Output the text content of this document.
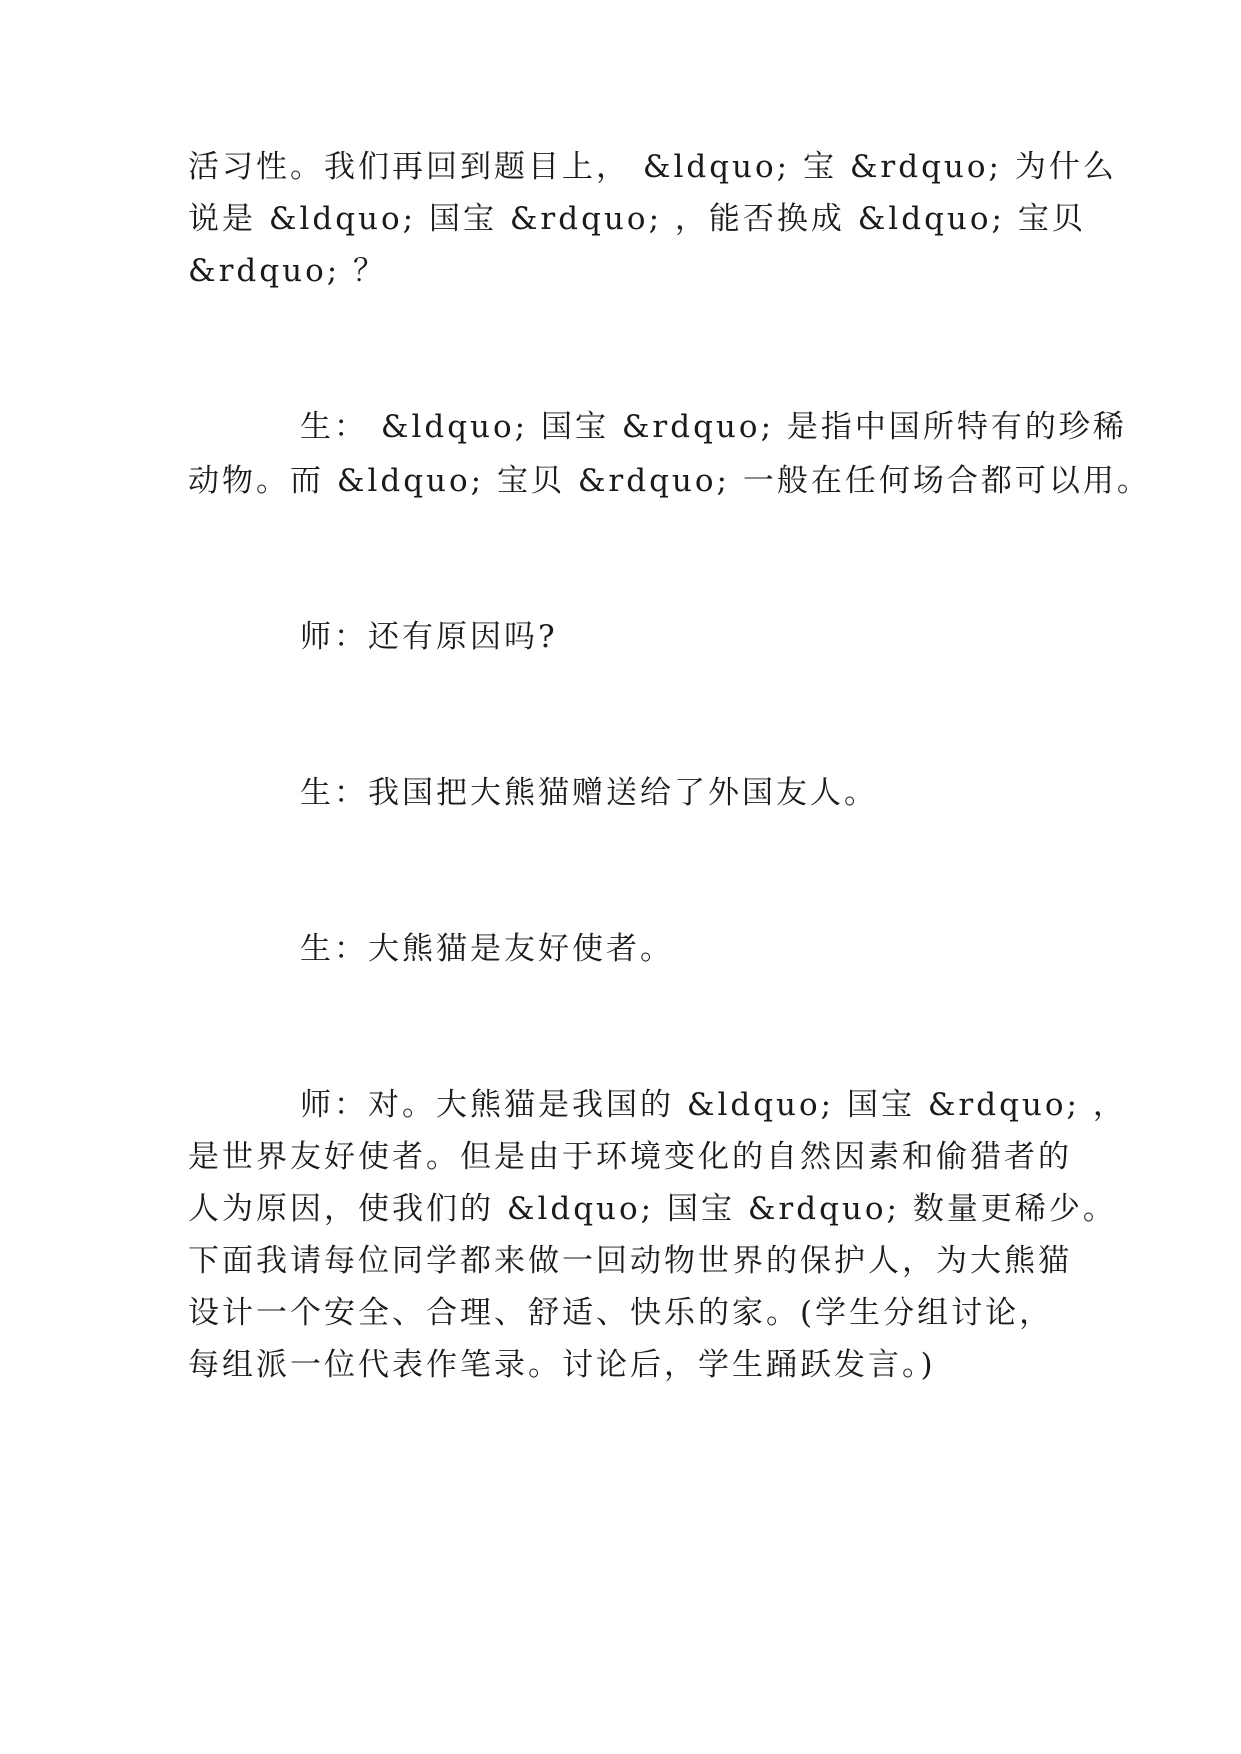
活习性。我们再回到题目上， &ldquo; 宝 &rdquo; 为什么
说是 &ldquo; 国宝 &rdquo; ，能否换成 &ldquo; 宝贝
&rdquo; ？
生： &ldquo; 国宝 &rdquo; 是指中国所特有的珍稀
动物。而 &ldquo; 宝贝 &rdquo; 一般在任何场合都可以用。
师：还有原因吗?
生：我国把大熊猫赠送给了外国友人。
生：大熊猫是友好使者。
师：对。大熊猫是我国的 &ldquo; 国宝 &rdquo; ，
是世界友好使者。但是由于环境变化的自然因素和偷猎者的
人为原因，使我们的 &ldquo; 国宝 &rdquo; 数量更稀少。
下面我请每位同学都来做一回动物世界的保护人，为大熊猫
设计一个安全、合理、舒适、快乐的家。(学生分组讨论，
每组派一位代表作笔录。讨论后，学生踊跃发言。)
